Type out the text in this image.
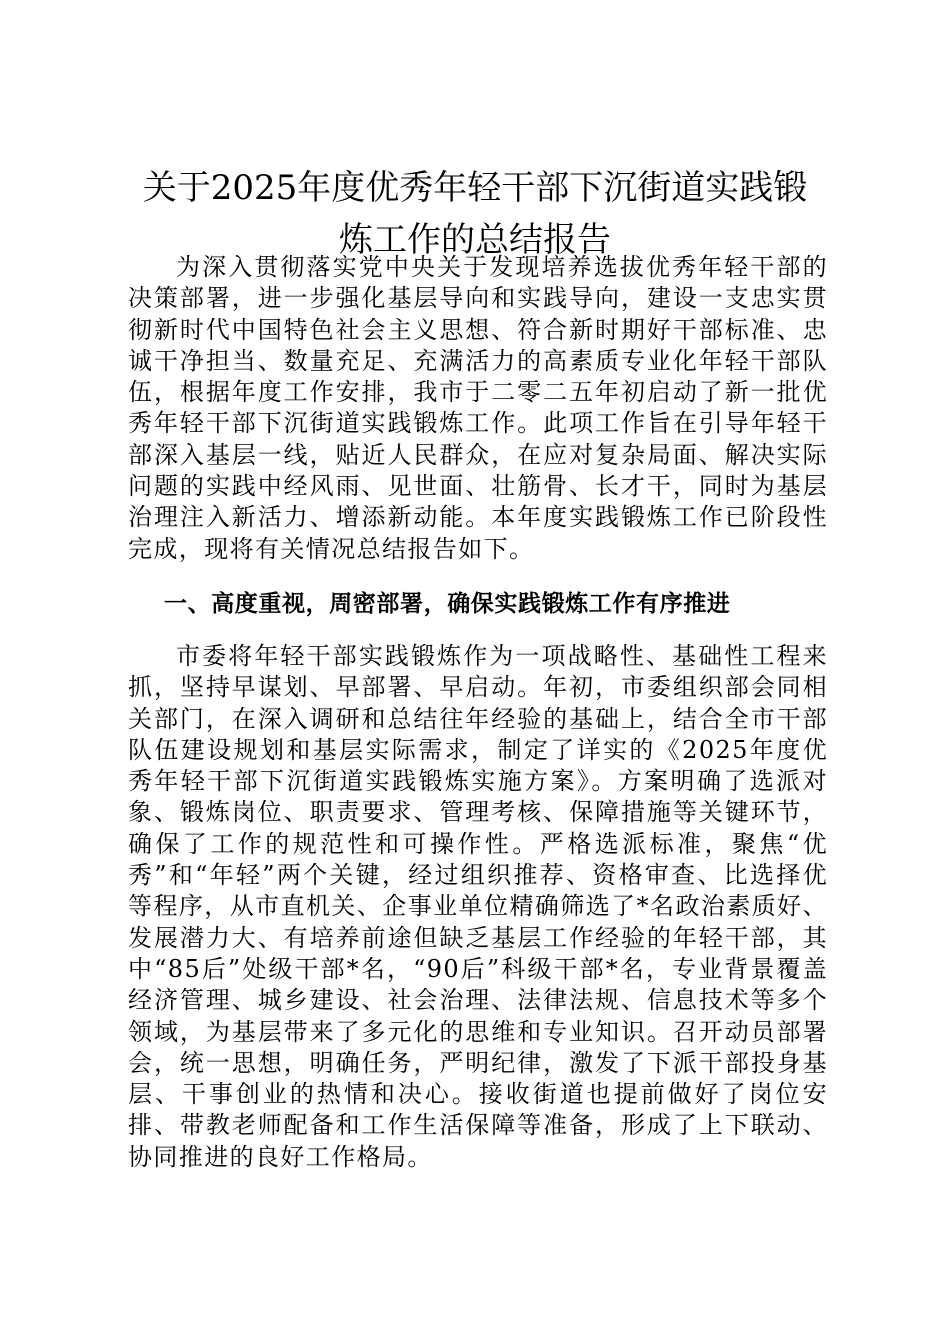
关于2025年度优秀年轻干部下沉街道实践锻
炼工作的总结报告

为深入贯彻落实党中央关于发现培养选拔优秀年轻干部的决策部署，进一步强化基层导向和实践导向，建设一支忠实贯彻新时代中国特色社会主义思想、符合新时期好干部标准、忠诚干净担当、数量充足、充满活力的高素质专业化年轻干部队伍，根据年度工作安排，我市于二零二五年初启动了新一批优秀年轻干部下沉街道实践锻炼工作。此项工作旨在引导年轻干部深入基层一线，贴近人民群众，在应对复杂局面、解决实际问题的实践中经风雨、见世面、壮筋骨、长才干，同时为基层治理注入新活力、增添新动能。本年度实践锻炼工作已阶段性完成，现将有关情况总结报告如下。

一、高度重视，周密部署，确保实践锻炼工作有序推进

市委将年轻干部实践锻炼作为一项战略性、基础性工程来抓，坚持早谋划、早部署、早启动。年初，市委组织部会同相关部门，在深入调研和总结往年经验的基础上，结合全市干部队伍建设规划和基层实际需求，制定了详实的《2025年度优秀年轻干部下沉街道实践锻炼实施方案》。方案明确了选派对象、锻炼岗位、职责要求、管理考核、保障措施等关键环节，确保了工作的规范性和可操作性。严格选派标准，聚焦“优秀”和“年轻”两个关键，经过组织推荐、资格审查、比选择优等程序，从市直机关、企事业单位精确筛选了*名政治素质好、发展潜力大、有培养前途但缺乏基层工作经验的年轻干部，其中“85后”处级干部*名，“90后”科级干部*名，专业背景覆盖经济管理、城乡建设、社会治理、法律法规、信息技术等多个领域，为基层带来了多元化的思维和专业知识。召开动员部署会，统一思想，明确任务，严明纪律，激发了下派干部投身基层、干事创业的热情和决心。接收街道也提前做好了岗位安排、带教老师配备和工作生活保障等准备，形成了上下联动、协同推进的良好工作格局。
